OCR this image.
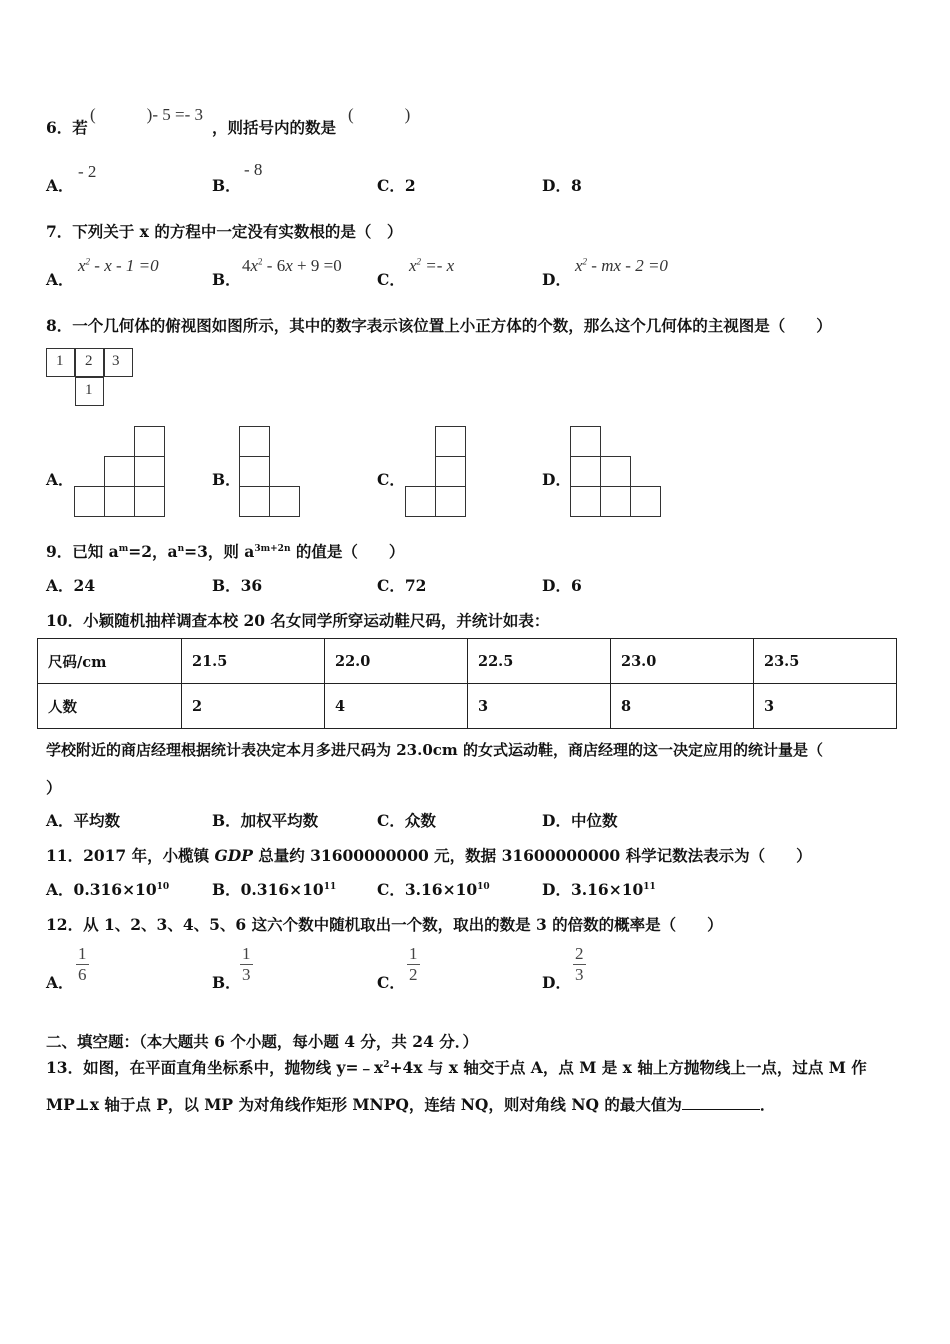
6．若
(　　　)- 5 =- 3
，则括号内的数是
(　　　)
A．
- 2
B．
- 8
C．2	D．8
7．下列关于 x 的方程中一定没有实数根的是（　）
A．
$x^2 - x - 1 =0$
B．
$4x^2 - 6x + 9 =0$
C．
$x^2 =- x$
D．
$x^2$ - mx - 2 =0
8．一个几何体的俯视图如图所示，其中的数字表示该位置上小正方体的个数，那么这个几何体的主视图是（　　）
1 2 3
1
A．	B．	C．	D．
9．已知 $a^m=2$，$a^n=3$，则 $a^{3m+2n}$ 的值是（　　）
A．24	B．36	C．72	D．6
10．小颖随机抽样调查本校 20 名女同学所穿运动鞋尺码，并统计如表：
尺码/cm	21.5	22.0	22.5	23.0	23.5
人数	2	4	3	8	3
学校附近的商店经理根据统计表决定本月多进尺码为 23.0cm 的女式运动鞋，商店经理的这一决定应用的统计量是（
）
A．平均数	B．加权平均数	C．众数	D．中位数
11．2017 年，小榄镇 GDP 总量约 31600000000 元，数据 31600000000 科学记数法表示为（　　）
A．$0.316\times 10^{10}$	B．$0.316\times 10^{11}$	C．$3.16\times 10^{10}$	D．$3.16\times 10^{11}$
12．从 1、2、3、4、5、6 这六个数中随机取出一个数，取出的数是 3 的倍数的概率是（　　）
A． $\frac{1}{6}$	B． $\frac{1}{3}$	C． $\frac{1}{2}$	D． $\frac{2}{3}$
二、填空题：（本大题共 6 个小题，每小题 4 分，共 24 分．）
13．如图，在平面直角坐标系中，抛物线 $y=﹣x^2+4x$ 与 x 轴交于点 A，点 M 是 x 轴上方抛物线上一点，过点 M 作
MP⊥x 轴于点 P，以 MP 为对角线作矩形 MNPQ，连结 NQ，则对角线 NQ 的最大值为	．
